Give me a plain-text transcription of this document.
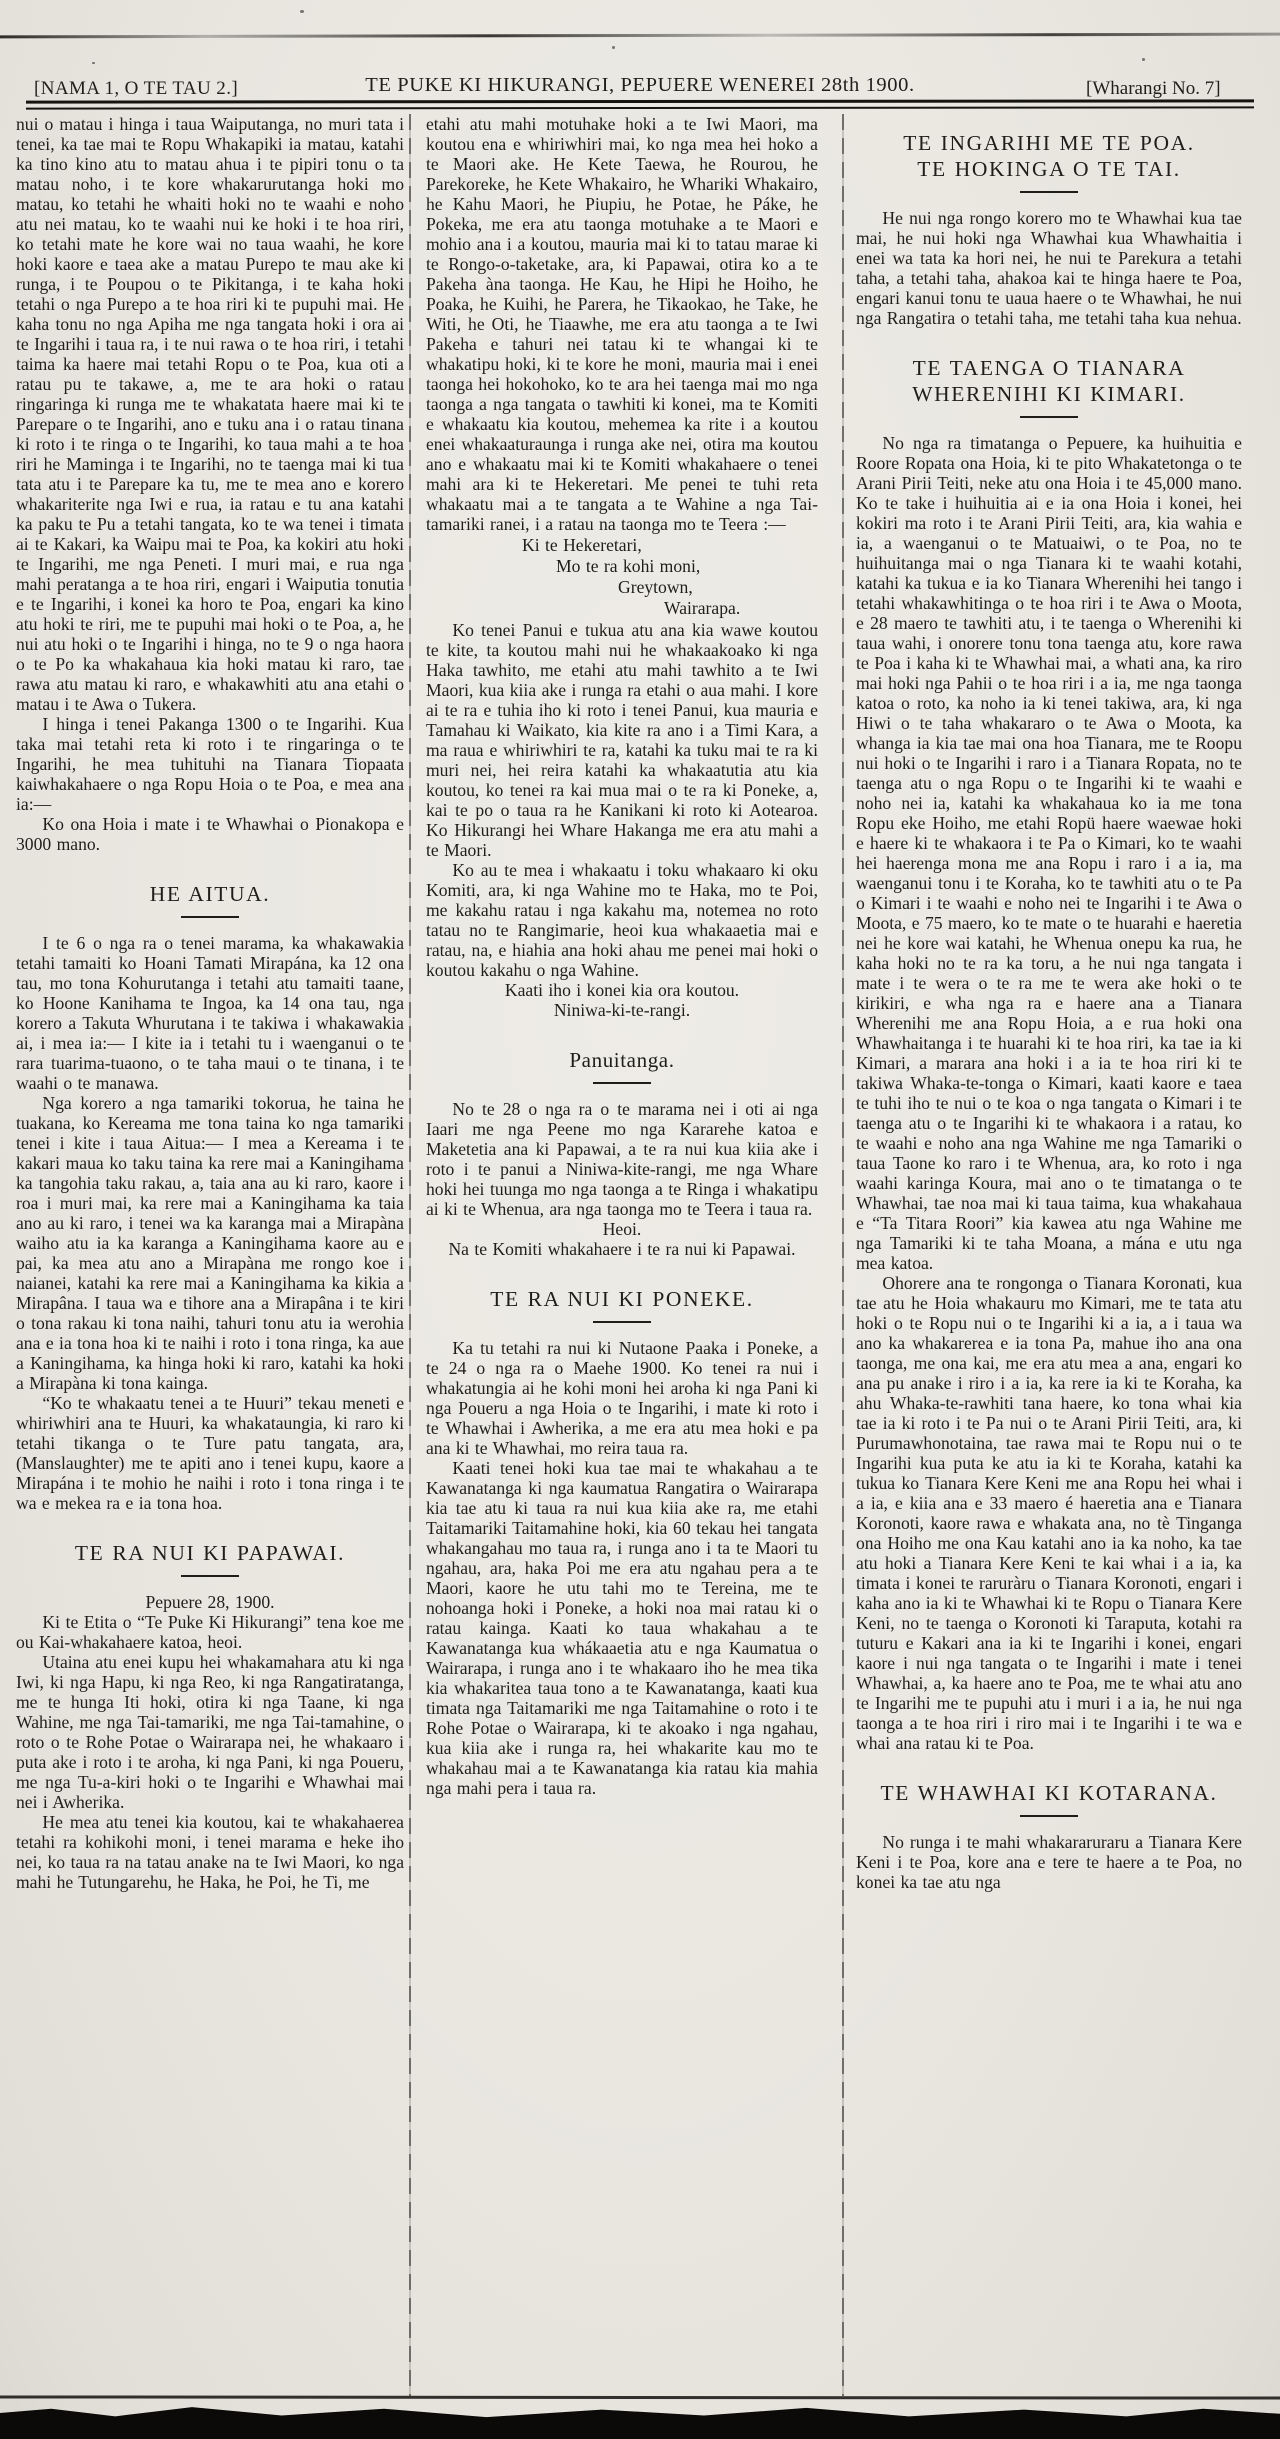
TE PUKE KI HIKURANGI, PEPUERE WENEREI 28th 1900.
[NAMA 1, O TE TAU 2.]	[Wharangi No. 7]

nui o matau i hinga i taua Waiputanga, no muri tata i tenei, ka tae mai te Ropu Whakapiki ia matau, katahi ka tino kino atu to matau ahua i te pipiri tonu o ta matau noho, i te kore whakarurutanga hoki mo matau, ko tetahi he whaiti hoki no te waahi e noho atu nei matau, ko te waahi nui ke hoki i te hoa riri, ko tetahi mate he kore wai no taua waahi, he kore hoki kaore e taea ake a matau Purepo te mau ake ki runga, i te Poupou o te Pikitanga, i te kaha hoki tetahi o nga Purepo a te hoa riri ki te pupuhi mai. He kaha tonu no nga Apiha me nga tangata hoki i ora ai te Ingarihi i taua ra, i te nui rawa o te hoa riri, i tetahi taima ka haere mai tetahi Ropu o te Poa, kua oti a ratau pu te takawe, a, me te ara hoki o ratau ringaringa ki runga me te whakatata haere mai ki te Parepare o te Ingarihi, ano e tuku ana i o ratau tinana ki roto i te ringa o te Ingarihi, ko taua mahi a te hoa riri he Maminga i te Ingarihi, no te taenga mai ki tua tata atu i te Parepare ka tu, me te mea ano e korero whakariterite nga Iwi e rua, ia ratau e tu ana katahi ka paku te Pu a tetahi tangata, ko te wa tenei i timata ai te Kakari, ka Waipu mai te Poa, ka kokiri atu hoki te Ingarihi, me nga Peneti. I muri mai, e rua nga mahi peratanga a te hoa riri, engari i Waiputia tonutia e te Ingarihi, i konei ka horo te Poa, engari ka kino atu hoki te riri, me te pupuhi mai hoki o te Poa, a, he nui atu hoki o te Ingarihi i hinga, no te 9 o nga haora o te Po ka whakahaua kia hoki matau ki raro, tae rawa atu matau ki raro, e whakawhiti atu ana etahi o matau i te Awa o Tukera.

I hinga i tenei Pakanga 1300 o te Ingarihi. Kua taka mai tetahi reta ki roto i te ringaringa o te Ingarihi, he mea tuhituhi na Tianara Tiopaata kaiwhakahaere o nga Ropu Hoia o te Poa, e mea ana ia:—

Ko ona Hoia i mate i te Whawhai o Pionakopa e 3000 mano.

HE AITUA.

I te 6 o nga ra o tenei marama, ka whakawakia tetahi tamaiti ko Hoani Tamati Mirapána, ka 12 ona tau, mo tona Kohurutanga i tetahi atu tamaiti taane, ko Hoone Kanihama te Ingoa, ka 14 ona tau, nga korero a Takuta Whurutana i te takiwa i whakawakia ai, i mea ia:— I kite ia i tetahi tu i waenganui o te rara tuarima-tuaono, o te taha maui o te tinana, i te waahi o te manawa.

Nga korero a nga tamariki tokorua, he taina he tuakana, ko Kereama me tona taina ko nga tamariki tenei i kite i taua Aitua:— I mea a Kereama i te kakari maua ko taku taina ka rere mai a Kaningihama ka tangohia taku rakau, a, taia ana au ki raro, kaore i roa i muri mai, ka rere mai a Kaningihama ka taia ano au ki raro, i tenei wa ka karanga mai a Mirapàna waiho atu ia ka karanga a Kaningihama kaore au e pai, ka mea atu ano a Mirapàna me rongo koe i naianei, katahi ka rere mai a Kaningihama ka kikia a Mirapâna. I taua wa e tihore ana a Mirapâna i te kiri o tona rakau ki tona naihi, tahuri tonu atu ia werohia ana e ia tona hoa ki te naihi i roto i tona ringa, ka aue a Kaningihama, ka hinga hoki ki raro, katahi ka hoki a Mirapàna ki tona kainga.

“Ko te whakaatu tenei a te Huuri” tekau meneti e whiriwhiri ana te Huuri, ka whakataungia, ki raro ki tetahi tikanga o te Ture patu tangata, ara, (Manslaughter) me te apiti ano i tenei kupu, kaore a Mirapána i te mohio he naihi i roto i tona ringa i te wa e mekea ra e ia tona hoa.

TE RA NUI KI PAPAWAI.

Pepuere 28, 1900.

Ki te Etita o “Te Puke Ki Hikurangi” tena koe me ou Kai-whakahaere katoa, heoi.

Utaina atu enei kupu hei whakamahara atu ki nga Iwi, ki nga Hapu, ki nga Reo, ki nga Rangatiratanga, me te hunga Iti hoki, otira ki nga Taane, ki nga Wahine, me nga Tai-tamariki, me nga Tai-tamahine, o roto o te Rohe Potae o Wairarapa nei, he whakaaro i puta ake i roto i te aroha, ki nga Pani, ki nga Poueru, me nga Tu-a-kiri hoki o te Ingarihi e Whawhai mai nei i Awherika.

He mea atu tenei kia koutou, kai te whakahaerea tetahi ra kohikohi moni, i tenei marama e heke iho nei, ko taua ra na tatau anake na te Iwi Maori, ko nga mahi he Tutungarehu, he Haka, he Poi, he Ti, me

etahi atu mahi motuhake hoki a te Iwi Maori, ma koutou ena e whiriwhiri mai, ko nga mea hei hoko a te Maori ake. He Kete Taewa, he Rourou, he Parekoreke, he Kete Whakairo, he Whariki Whakairo, he Kahu Maori, he Piupiu, he Potae, he Páke, he Pokeka, me era atu taonga motuhake a te Maori e mohio ana i a koutou, mauria mai ki to tatau marae ki te Rongo-o-taketake, ara, ki Papawai, otira ko a te Pakeha àna taonga. He Kau, he Hipi he Hoiho, he Poaka, he Kuihi, he Parera, he Tikaokao, he Take, he Witi, he Oti, he Tiaawhe, me era atu taonga a te Iwi Pakeha e tahuri nei tatau ki te whangai ki te whakatipu hoki, ki te kore he moni, mauria mai i enei taonga hei hokohoko, ko te ara hei taenga mai mo nga taonga a nga tangata o tawhiti ki konei, ma te Komiti e whakaatu kia koutou, mehemea ka rite i a koutou enei whakaaturaunga i runga ake nei, otira ma koutou ano e whakaatu mai ki te Komiti whakahaere o tenei mahi ara ki te Hekeretari. Me penei te tuhi reta whakaatu mai a te tangata a te Wahine a nga Tai-tamariki ranei, i a ratau na taonga mo te Teera :—

Ki te Hekeretari,
Mo te ra kohi moni,
Greytown,
Wairarapa.

Ko tenei Panui e tukua atu ana kia wawe koutou te kite, ta koutou mahi nui he whakaakoako ki nga Haka tawhito, me etahi atu mahi tawhito a te Iwi Maori, kua kiia ake i runga ra etahi o aua mahi. I kore ai te ra e tuhia iho ki roto i tenei Panui, kua mauria e Tamahau ki Waikato, kia kite ra ano i a Timi Kara, a ma raua e whiriwhiri te ra, katahi ka tuku mai te ra ki muri nei, hei reira katahi ka whakaatutia atu kia koutou, ko tenei ra kai mua mai o te ra ki Poneke, a, kai te po o taua ra he Kanikani ki roto ki Aotearoa. Ko Hikurangi hei Whare Hakanga me era atu mahi a te Maori.

Ko au te mea i whakaatu i toku whakaaro ki oku Komiti, ara, ki nga Wahine mo te Haka, mo te Poi, me kakahu ratau i nga kakahu ma, notemea no roto tatau no te Rangimarie, heoi kua whakaaetia mai e ratau, na, e hiahia ana hoki ahau me penei mai hoki o koutou kakahu o nga Wahine.

Kaati iho i konei kia ora koutou.

Niniwa-ki-te-rangi.

Panuitanga.

No te 28 o nga ra o te marama nei i oti ai nga Iaari me nga Peene mo nga Kararehe katoa e Maketetia ana ki Papawai, a te ra nui kua kiia ake i roto i te panui a Niniwa-kite-rangi, me nga Whare hoki hei tuunga mo nga taonga a te Ringa i whakatipu ai ki te Whenua, ara nga taonga mo te Teera i taua ra.

Heoi.

Na te Komiti whakahaere i te ra nui ki Papawai.

TE RA NUI KI PONEKE.

Ka tu tetahi ra nui ki Nutaone Paaka i Poneke, a te 24 o nga ra o Maehe 1900. Ko tenei ra nui i whakatungia ai he kohi moni hei aroha ki nga Pani ki nga Poueru a nga Hoia o te Ingarihi, i mate ki roto i te Whawhai i Awherika, a me era atu mea hoki e pa ana ki te Whawhai, mo reira taua ra.

Kaati tenei hoki kua tae mai te whakahau a te Kawanatanga ki nga kaumatua Rangatira o Wairarapa kia tae atu ki taua ra nui kua kiia ake ra, me etahi Taitamariki Taitamahine hoki, kia 60 tekau hei tangata whakangahau mo taua ra, i runga ano i ta te Maori tu ngahau, ara, haka Poi me era atu ngahau pera a te Maori, kaore he utu tahi mo te Tereina, me te nohoanga hoki i Poneke, a hoki noa mai ratau ki o ratau kainga. Kaati ko taua whakahau a te Kawanatanga kua whákaaetia atu e nga Kaumatua o Wairarapa, i runga ano i te whakaaro iho he mea tika kia whakaritea taua tono a te Kawanatanga, kaati kua timata nga Taitamariki me nga Taitamahine o roto i te Rohe Potae o Wairarapa, ki te akoako i nga ngahau, kua kiia ake i runga ra, hei whakarite kau mo te whakahau mai a te Kawanatanga kia ratau kia mahia nga mahi pera i taua ra.

TE INGARIHI ME TE POA.
TE HOKINGA O TE TAI.

He nui nga rongo korero mo te Whawhai kua tae mai, he nui hoki nga Whawhai kua Whawhaitia i enei wa tata ka hori nei, he nui te Parekura a tetahi taha, a tetahi taha, ahakoa kai te hinga haere te Poa, engari kanui tonu te uaua haere o te Whawhai, he nui nga Rangatira o tetahi taha, me tetahi taha kua nehua.

TE TAENGA O TIANARA
WHERENIHI KI KIMARI.

No nga ra timatanga o Pepuere, ka huihuitia e Roore Ropata ona Hoia, ki te pito Whakatetonga o te Arani Pirii Teiti, neke atu ona Hoia i te 45,000 mano. Ko te take i huihuitia ai e ia ona Hoia i konei, hei kokiri ma roto i te Arani Pirii Teiti, ara, kia wahia e ia, a waenganui o te Matuaiwi, o te Poa, no te huihuitanga mai o nga Tianara ki te waahi kotahi, katahi ka tukua e ia ko Tianara Wherenihi hei tango i tetahi whakawhitinga o te hoa riri i te Awa o Moota, e 28 maero te tawhiti atu, i te taenga o Wherenihi ki taua wahi, i onorere tonu tona taenga atu, kore rawa te Poa i kaha ki te Whawhai mai, a whati ana, ka riro mai hoki nga Pahii o te hoa riri i a ia, me nga taonga katoa o roto, ka noho ia ki tenei takiwa, ara, ki nga Hiwi o te taha whakararo o te Awa o Moota, ka whanga ia kia tae mai ona hoa Tianara, me te Roopu nui hoki o te Ingarihi i raro i a Tianara Ropata, no te taenga atu o nga Ropu o te Ingarihi ki te waahi e noho nei ia, katahi ka whakahaua ko ia me tona Ropu eke Hoiho, me etahi Ropü haere waewae hoki e haere ki te whakaora i te Pa o Kimari, ko te waahi hei haerenga mona me ana Ropu i raro i a ia, ma waenganui tonu i te Koraha, ko te tawhiti atu o te Pa o Kimari i te waahi e noho nei te Ingarihi i te Awa o Moota, e 75 maero, ko te mate o te huarahi e haeretia nei he kore wai katahi, he Whenua onepu ka rua, he kaha hoki no te ra ka toru, a he nui nga tangata i mate i te wera o te ra me te wera ake hoki o te kirikiri, e wha nga ra e haere ana a Tianara Wherenihi me ana Ropu Hoia, a e rua hoki ona Whawhaitanga i te huarahi ki te hoa riri, ka tae ia ki Kimari, a marara ana hoki i a ia te hoa riri ki te takiwa Whaka-te-tonga o Kimari, kaati kaore e taea te tuhi iho te nui o te koa o nga tangata o Kimari i te taenga atu o te Ingarihi ki te whakaora i a ratau, ko te waahi e noho ana nga Wahine me nga Tamariki o taua Taone ko raro i te Whenua, ara, ko roto i nga waahi karinga Koura, mai ano o te timatanga o te Whawhai, tae noa mai ki taua taima, kua whakahaua e “Ta Titara Roori” kia kawea atu nga Wahine me nga Tamariki ki te taha Moana, a mána e utu nga mea katoa.

Ohorere ana te rongonga o Tianara Koronati, kua tae atu he Hoia whakauru mo Kimari, me te tata atu hoki o te Ropu nui o te Ingarihi ki a ia, a i taua wa ano ka whakarerea e ia tona Pa, mahue iho ana ona taonga, me ona kai, me era atu mea a ana, engari ko ana pu anake i riro i a ia, ka rere ia ki te Koraha, ka ahu Whaka-te-rawhiti tana haere, ko tona whai kia tae ia ki roto i te Pa nui o te Arani Pirii Teiti, ara, ki Purumawhonotaina, tae rawa mai te Ropu nui o te Ingarihi kua puta ke atu ia ki te Koraha, katahi ka tukua ko Tianara Kere Keni me ana Ropu hei whai i a ia, e kiia ana e 33 maero é haeretia ana e Tianara Koronoti, kaore rawa e whakata ana, no tè Tinganga ona Hoiho me ona Kau katahi ano ia ka noho, ka tae atu hoki a Tianara Kere Keni te kai whai i a ia, ka timata i konei te raruràru o Tianara Koronoti, engari i kaha ano ia ki te Whawhai ki te Ropu o Tianara Kere Keni, no te taenga o Koronoti ki Taraputa, kotahi ra tuturu e Kakari ana ia ki te Ingarihi i konei, engari kaore i nui nga tangata o te Ingarihi i mate i tenei Whawhai, a, ka haere ano te Poa, me te whai atu ano te Ingarihi me te pupuhi atu i muri i a ia, he nui nga taonga a te hoa riri i riro mai i te Ingarihi i te wa e whai ana ratau ki te Poa.

TE WHAWHAI KI KOTARANA.

No runga i te mahi whakararuraru a Tianara Kere Keni i te Poa, kore ana e tere te haere a te Poa, no konei ka tae atu nga
